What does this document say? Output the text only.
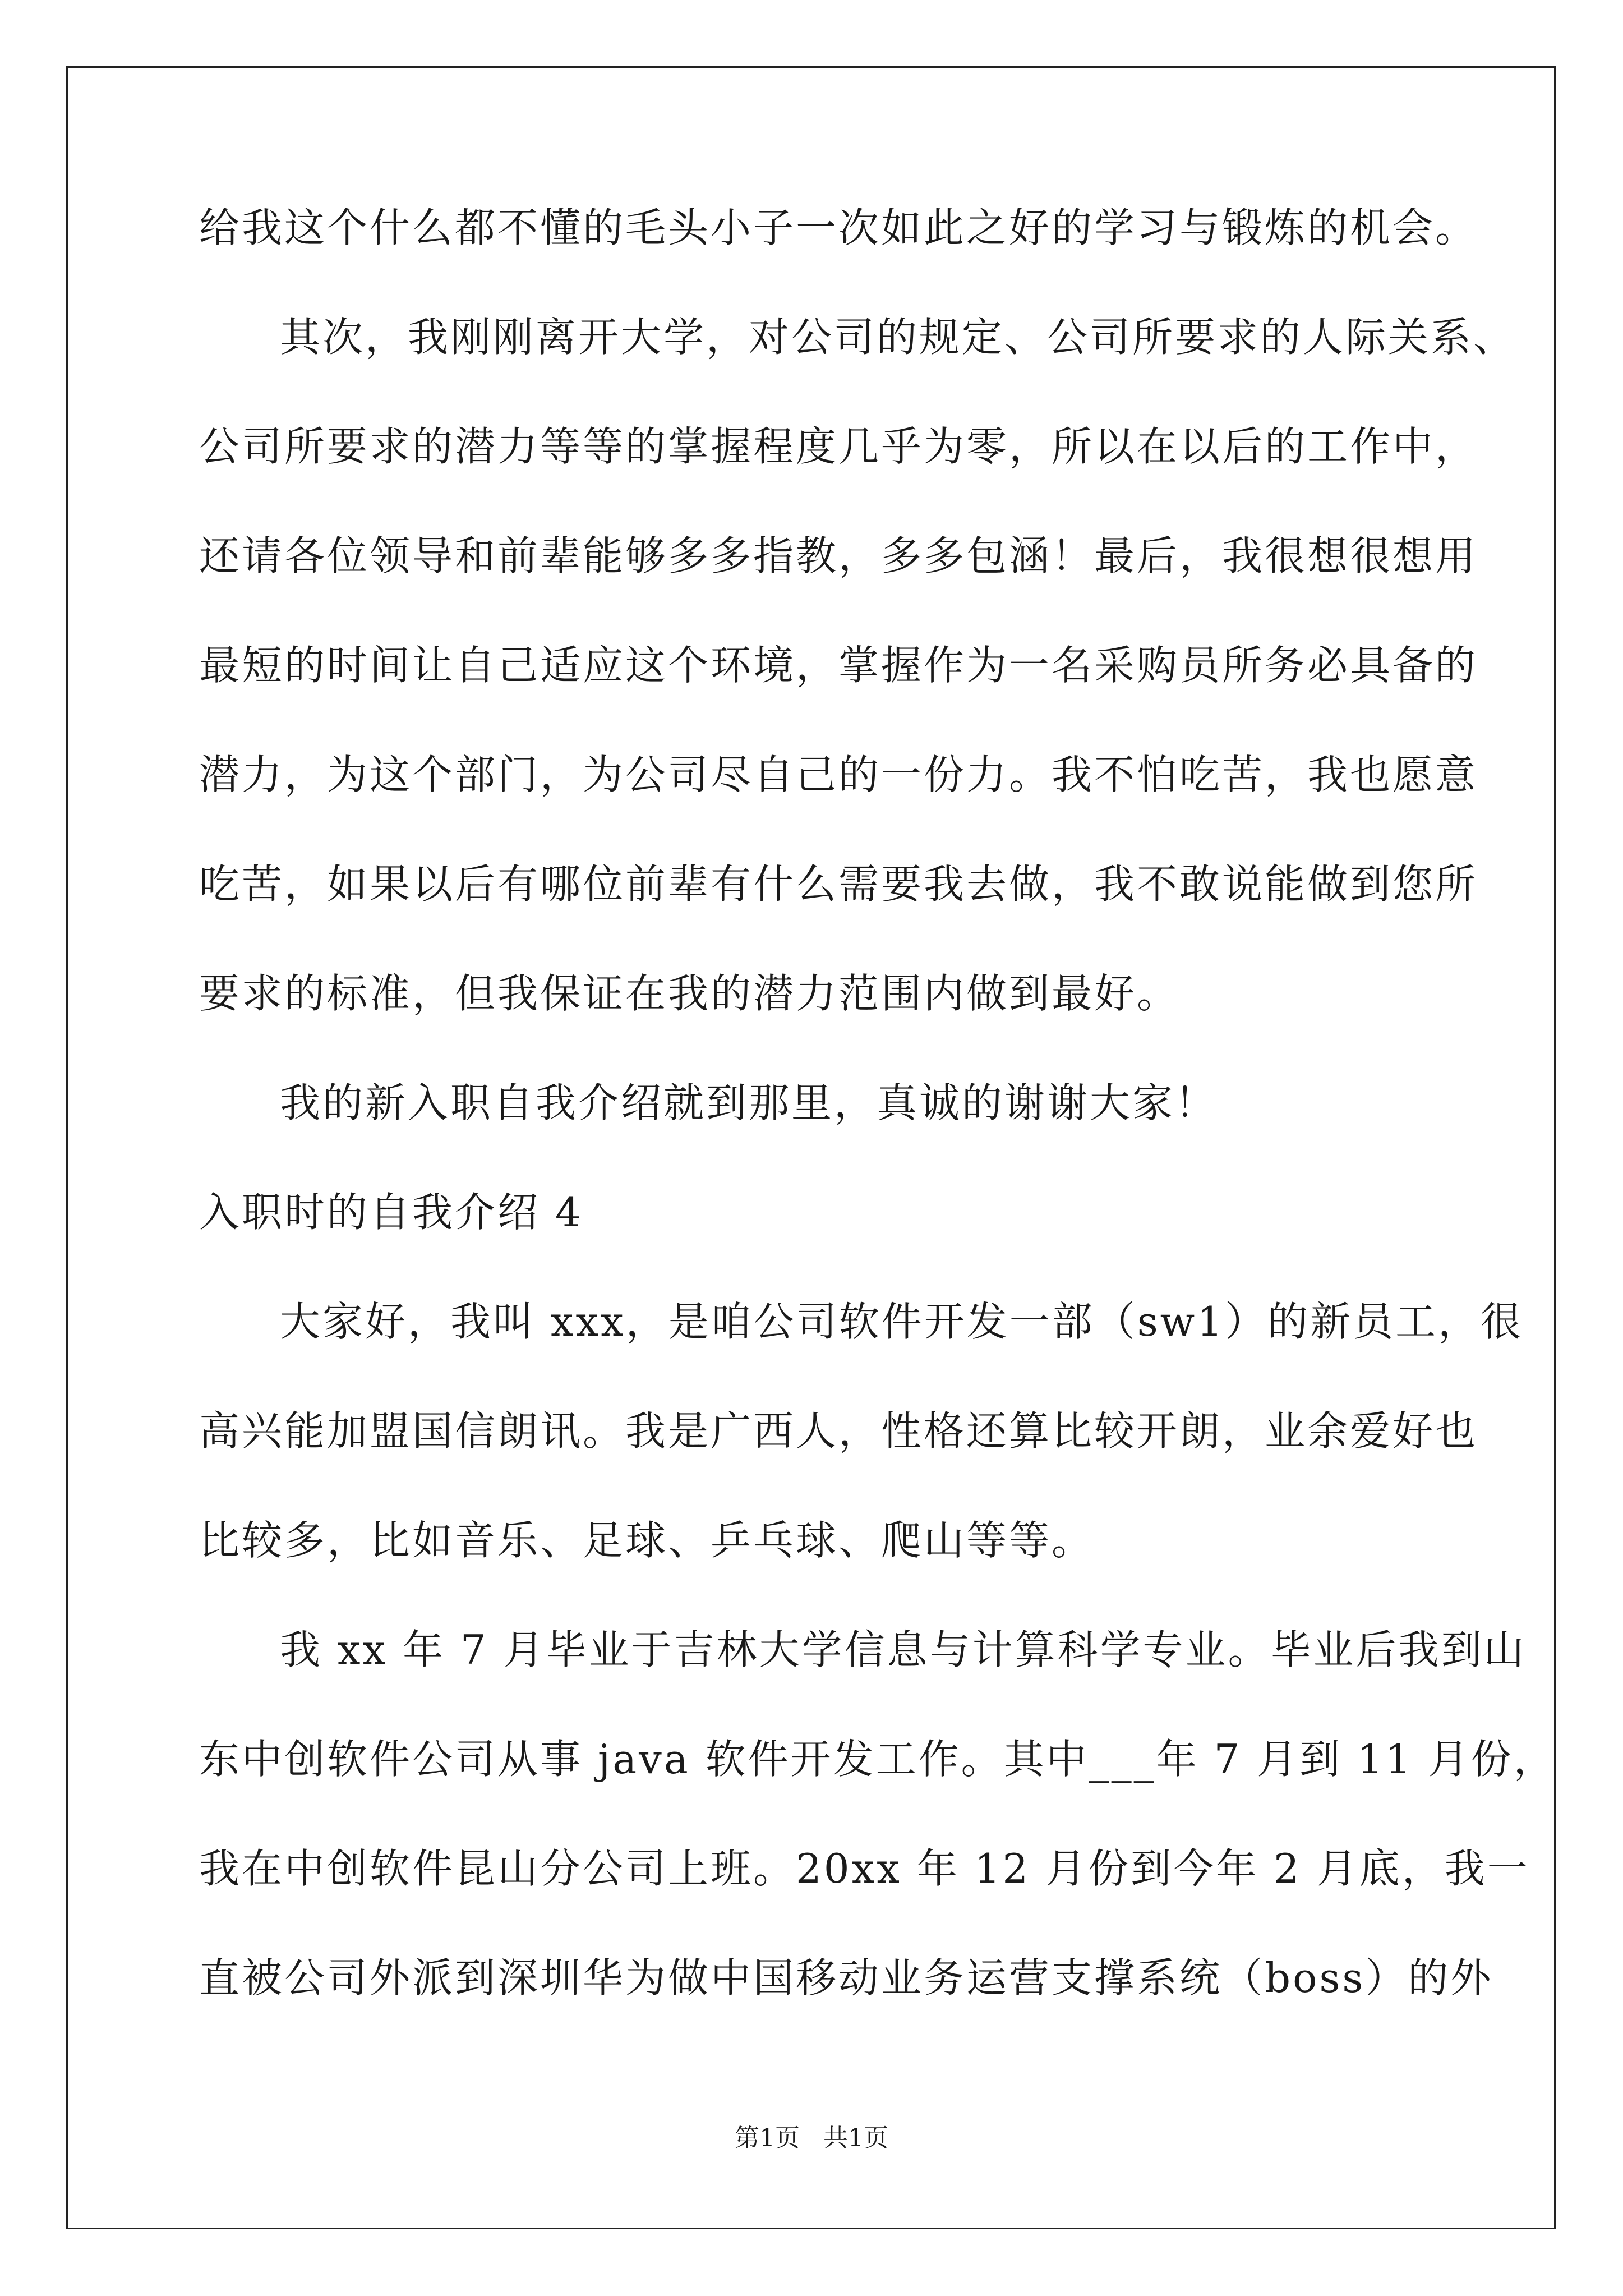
给我这个什么都不懂的毛头小子一次如此之好的学习与锻炼的机会。
其次，我刚刚离开大学，对公司的规定、公司所要求的人际关系、
公司所要求的潜力等等的掌握程度几乎为零，所以在以后的工作中，
还请各位领导和前辈能够多多指教，多多包涵！最后，我很想很想用
最短的时间让自己适应这个环境，掌握作为一名采购员所务必具备的
潜力，为这个部门，为公司尽自己的一份力。我不怕吃苦，我也愿意
吃苦，如果以后有哪位前辈有什么需要我去做，我不敢说能做到您所
要求的标准，但我保证在我的潜力范围内做到最好。
我的新入职自我介绍就到那里，真诚的谢谢大家！
入职时的自我介绍 4
大家好，我叫 xxx，是咱公司软件开发一部（sw1）的新员工，很
高兴能加盟国信朗讯。我是广西人，性格还算比较开朗，业余爱好也
比较多，比如音乐、足球、乒乓球、爬山等等。
我 xx 年 7 月毕业于吉林大学信息与计算科学专业。毕业后我到山
东中创软件公司从事 java 软件开发工作。其中___年 7 月到 11 月份，
我在中创软件昆山分公司上班。20xx 年 12 月份到今年 2 月底，我一
直被公司外派到深圳华为做中国移动业务运营支撑系统（boss）的外
第1页   共1页
